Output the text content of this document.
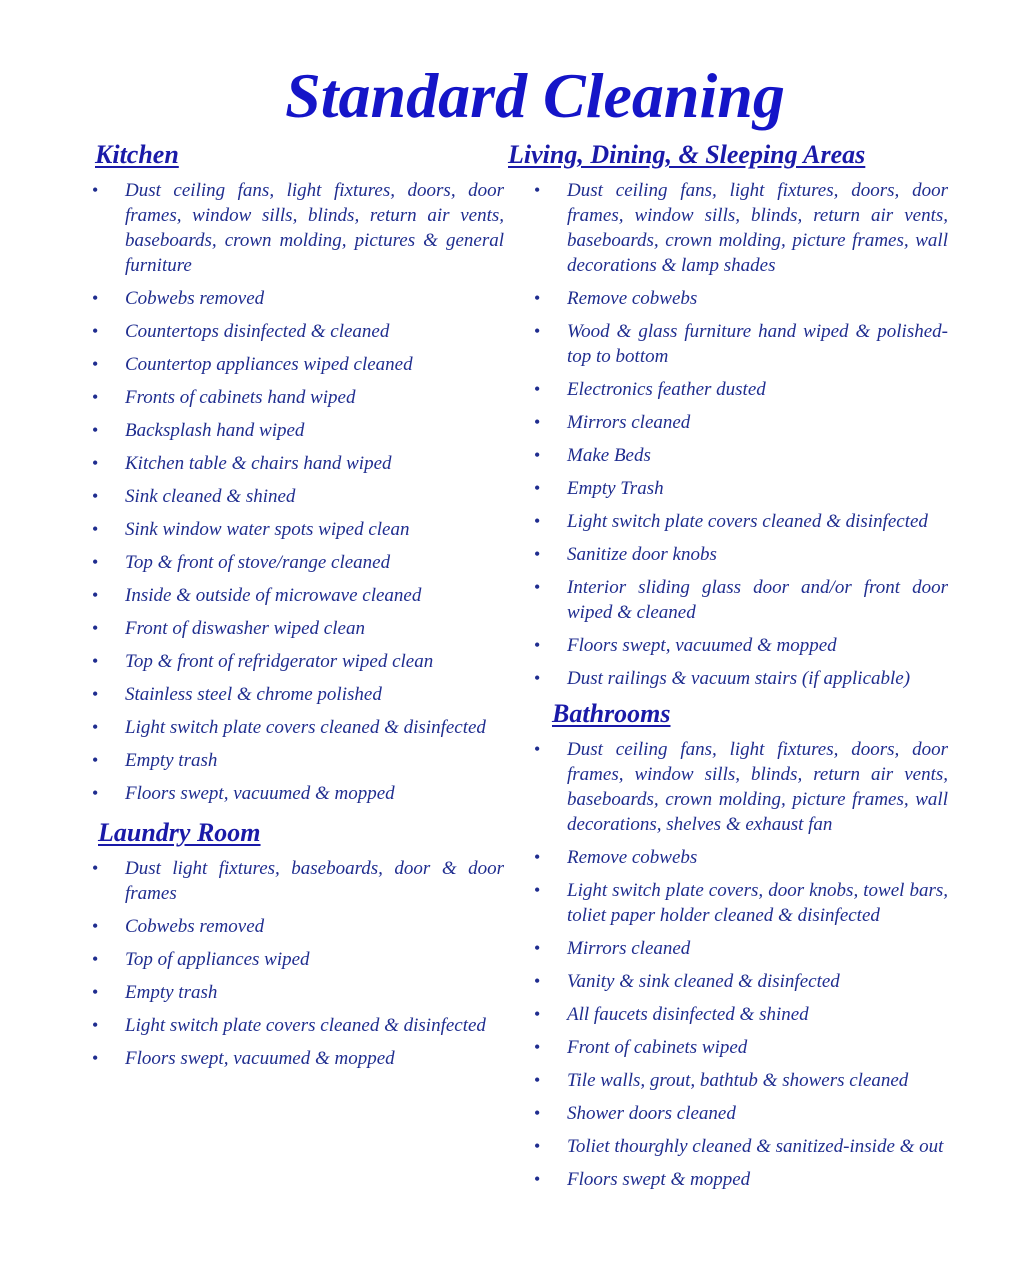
Standard Cleaning
Kitchen
• Dust ceiling fans, light fixtures, doors, door frames, window sills, blinds, return air vents, baseboards, crown molding, pictures & general furniture
• Cobwebs removed
• Countertops disinfected & cleaned
• Countertop appliances wiped cleaned
• Fronts of cabinets hand wiped
• Backsplash hand wiped
• Kitchen table & chairs hand wiped
• Sink cleaned & shined
• Sink window water spots wiped clean
• Top & front of stove/range cleaned
• Inside & outside of microwave cleaned
• Front of diswasher wiped clean
• Top & front of refridgerator wiped clean
• Stainless steel & chrome polished
• Light switch plate covers cleaned & disinfected
• Empty trash
• Floors swept, vacuumed & mopped
Laundry Room
• Dust light fixtures, baseboards, door & door frames
• Cobwebs removed
• Top of appliances wiped
• Empty trash
• Light switch plate covers cleaned & disinfected
• Floors swept, vacuumed & mopped
Living, Dining, & Sleeping Areas
• Dust ceiling fans, light fixtures, doors, door frames, window sills, blinds, return air vents, baseboards, crown molding, picture frames, wall decorations & lamp shades
• Remove cobwebs
• Wood & glass furniture hand wiped & polished-top to bottom
• Electronics feather dusted
• Mirrors cleaned
• Make Beds
• Empty Trash
• Light switch plate covers cleaned & disinfected
• Sanitize door knobs
• Interior sliding glass door and/or front door wiped & cleaned
• Floors swept, vacuumed & mopped
• Dust railings & vacuum stairs (if applicable)
Bathrooms
• Dust ceiling fans, light fixtures, doors, door frames, window sills, blinds, return air vents, baseboards, crown molding, picture frames, wall decorations, shelves & exhaust fan
• Remove cobwebs
• Light switch plate covers, door knobs, towel bars, toliet paper holder cleaned & disinfected
• Mirrors cleaned
• Vanity & sink cleaned & disinfected
• All faucets disinfected & shined
• Front of cabinets wiped
• Tile walls, grout, bathtub & showers cleaned
• Shower doors cleaned
• Toliet thourghly cleaned & sanitized-inside & out
• Floors swept & mopped
